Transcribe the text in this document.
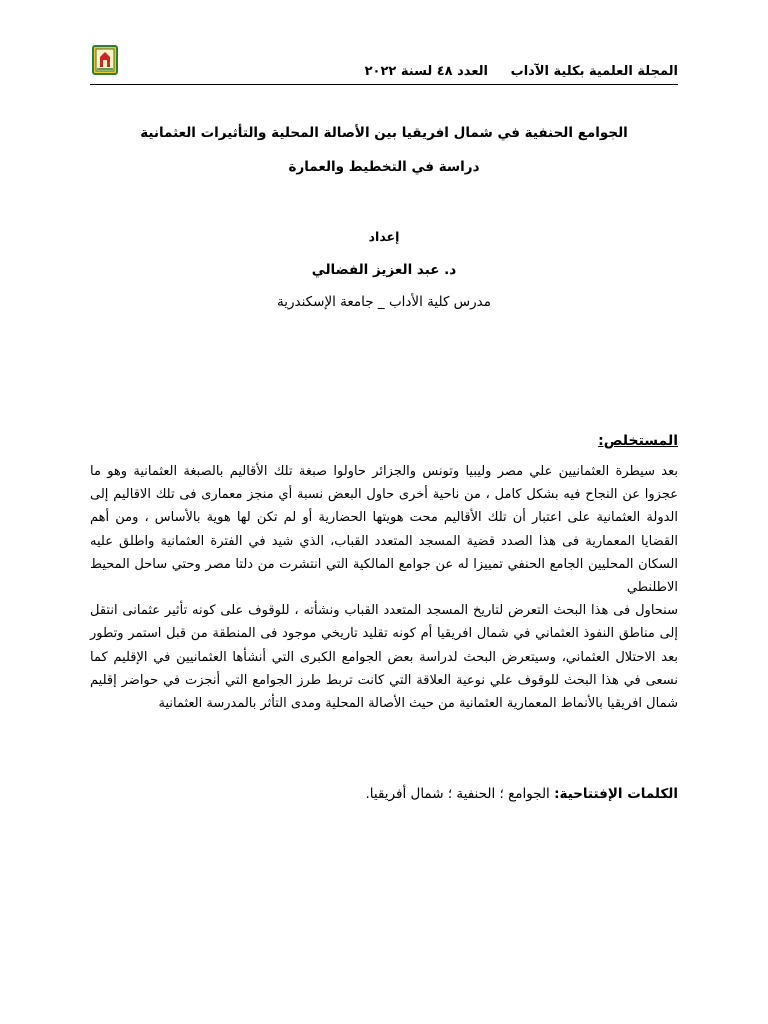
المجلة العلمية بكلية الآداب
العدد ٤٨ لسنة ٢٠٢٢
الجوامع الحنفية في شمال افريقيا بين الأصالة المحلية والتأثيرات العثمانية
دراسة في التخطيط والعمارة
إعداد
د. عبد العزيز الفضالي
مدرس كلية الأداب _ جامعة الإسكندرية
المستخلص:

بعد سيطرة العثمانيين علي مصر وليبيا وتونس والجزائر حاولوا صبغة تلك الأقاليم بالصبغة العثمانية وهو ما عجزوا عن النجاح فيه بشكل كامل ، من ناحية أخرى حاول البعض نسبة أي منجز معمارى فى تلك الاقاليم إلى الدولة العثمانية على اعتبار أن تلك الأقاليم محت هويتها الحضارية أو لم تكن لها هوية بالأساس ، ومن أهم القضايا المعمارية فى هذا الصدد قضية المسجد المتعدد القباب، الذي شيد في الفترة العثمانية واطلق عليه السكان المحليين الجامع الحنفي تمييزا له عن جوامع المالكية التي انتشرت من دلتا مصر وحتي ساحل المحيط الاطلنطي

سنحاول فى هذا البحث التعرض لتاريخ المسجد المتعدد القباب ونشأته ، للوقوف على كونه تأثير عثمانى انتقل إلى مناطق النفوذ العثماني في شمال افريقيا أم كونه تقليد تاريخي موجود فى المنطقة من قبل استمر وتطور بعد الاحتلال العثماني، وسيتعرض البحث لدراسة بعض الجوامع الكبرى التي أنشأها العثمانيين في الإقليم كما نسعى في هذا البحث للوقوف علي نوعية العلاقة التي كانت تربط طرز الجوامع التي أنجزت في حواضر إقليم شمال افريقيا بالأنماط المعمارية العثمانية من حيث الأصالة المحلية ومدى التأثر بالمدرسة العثمانية

الكلمات الإفتتاحية: الجوامع ؛ الحنفية ؛ شمال أفريقيا.
